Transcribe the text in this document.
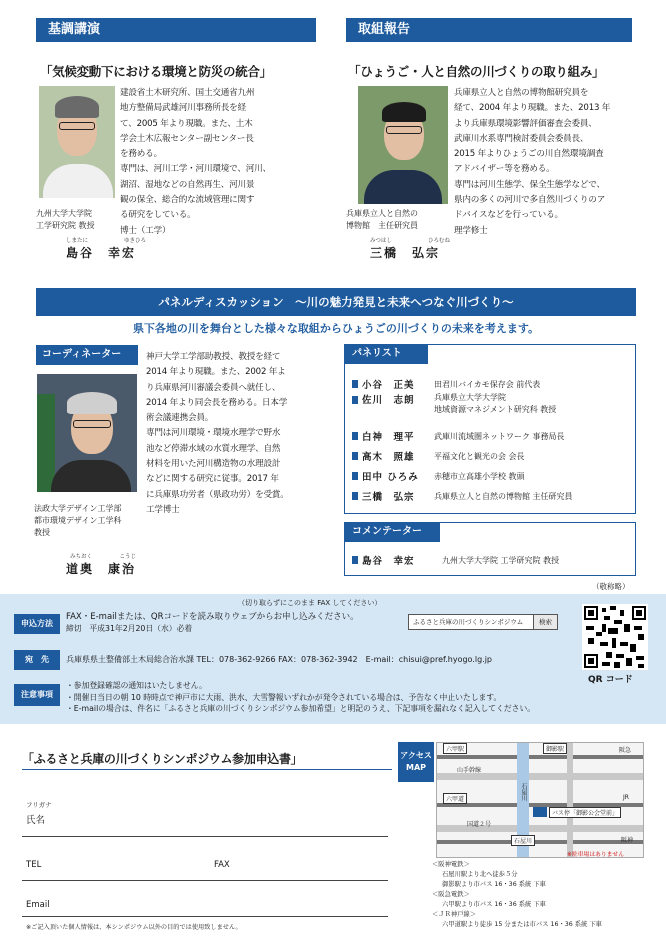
基調講演
「気候変動下における環境と防災の統合」
建設省土木研究所、国土交通省九州
地方整備局武雄河川事務所長を経
て、2005 年より現職。また、土木
学会土木広報センター副センター長
を務める。
専門は、河川工学・河川環境で、河川、
湖沼、湿地などの自然再生、河川景
観の保全、総合的な流域管理に関す
る研究をしている。
博士（工学）
九州大学大学院
工学研究院 教授
しまたに	ゆきひろ
島谷　幸宏
取組報告
「ひょうご・人と自然の川づくりの取り組み」
兵庫県立人と自然の博物館研究員を
経て、2004 年より現職。また、2013 年
より兵庫県環境影響評価審査会委員、
武庫川水系専門検討委員会委員長、
2015 年よりひょうごの川自然環境調査
アドバイザー等を務める。
専門は河川生態学、保全生態学などで、
県内の多くの河川で多自然川づくりのア
ドバイスなどを行っている。
理学修士
兵庫県立人と自然の
博物館　主任研究員
みつはし	ひろむね
三橋　弘宗
パネルディスカッション　～川の魅力発見と未来へつなぐ川づくり～
県下各地の川を舞台とした様々な取組からひょうごの川づくりの未来を考えます。
コーディネーター	神戸大学工学部助教授、教授を経て
2014 年より現職。また、2002 年よ
り兵庫県河川審議会委員へ就任し、
2014 年より同会長を務める。日本学
術会議連携会員。
専門は河川環境・環境水理学で野水
池など停滞水域の水質水理学、自然
材料を用いた河川構造物の水理設計
などに関する研究に従事。2017 年
に兵庫県功労者（県政功労）を受賞。
工学博士
法政大学デザイン工学部
都市環境デザイン工学科
教授
みちおく	こうじ
道奥　康治
パネリスト
小谷　正美	田君川バイカモ保存会 前代表
佐川　志朗	兵庫県立大学大学院
地域資源マネジメント研究科 教授
白神　理平	武庫川流域圏ネットワーク 事務局長
高木　照雄	平福文化と観光の会 会長
田中 ひろみ	赤穂市立高雄小学校 教頭
三橋　弘宗	兵庫県立人と自然の博物館 主任研究員
コメンテーター
島谷　幸宏	九州大学大学院 工学研究院 教授
（敬称略）
（切り取らずにこのまま FAX してください）
申込方法
FAX・E-mailまたは、QRコードを読み取りウェブからお申し込みください。
締切　平成31年2月20日（水）必着
ふるさと兵庫の川づくりシンポジウム	検索
QR コード
宛　先	兵庫県県土整備部土木局総合治水課 TEL：078-362-9266 FAX：078-362-3942　E-mail：chisui@pref.hyogo.lg.jp
注意事項
・参加登録確認の通知はいたしません。
・開催日当日の朝 10 時時点で神戸市に大雨、洪水、大雪警報いずれかが発令されている場合は、予告なく中止いたします。
・E-mailの場合は、件名に「ふるさと兵庫の川づくりシンポジウム参加希望」と明記のうえ、下記事項を漏れなく記入してください。
「ふるさと兵庫の川づくりシンポジウム参加申込書」
フリガナ
氏名
TEL	FAX
Email
※ご記入頂いた個人情報は、本シンポジウム以外の目的では使用致しません。
アクセス
MAP
六甲駅	御影駅	阪急
山手幹線
六甲道	JR
石屋川
バス停「御影公会堂前」
国道２号
阪神
石屋川
※駐車場はありません
＜阪神電鉄＞
石屋川駅より北へ徒歩５分
御影駅より市バス 16・36 系統 下車
＜阪急電鉄＞
六甲駅より市バス 16・36 系統 下車
＜ＪＲ神戸線＞
六甲道駅より徒歩 15 分または市バス 16・36 系統 下車
